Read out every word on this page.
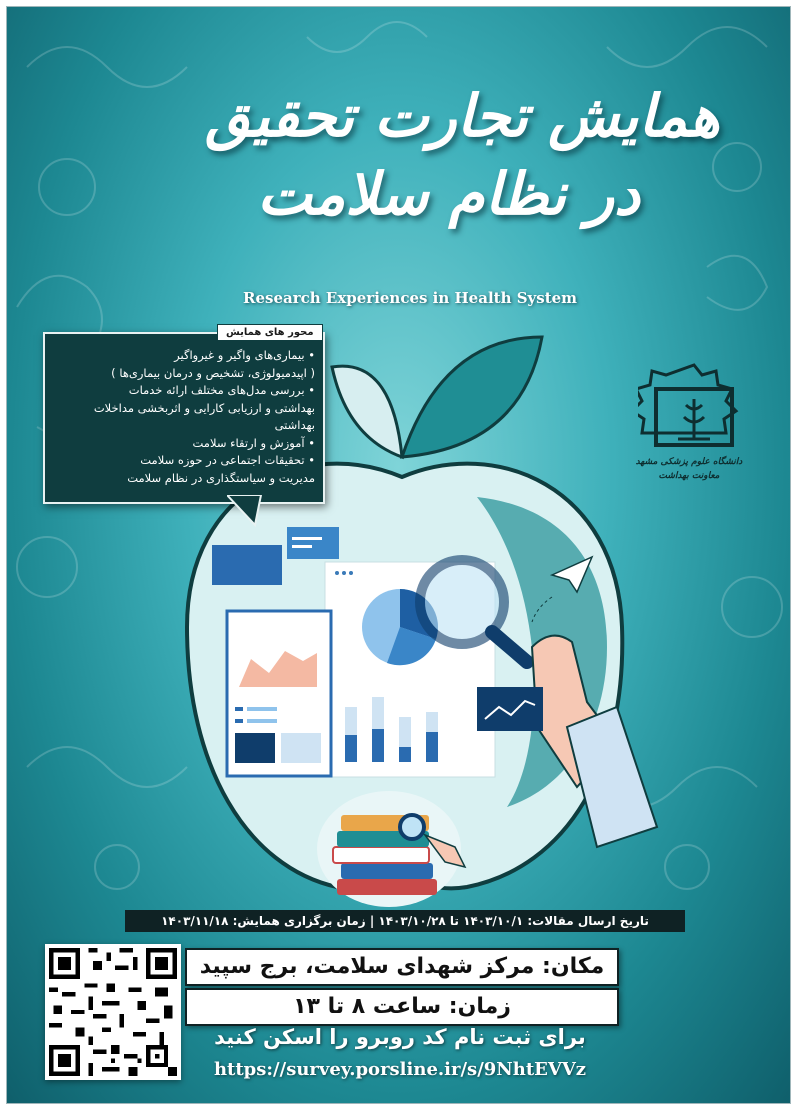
همایش تجارت تحقیق
در نظام سلامت
Research Experiences in Health System
محور های همایش
• بیماری‌های واگیر و غیرواگیر
( اپیدمیولوژی، تشخیص و درمان بیماری‌ها )
• بررسی مدل‌های مختلف ارائه خدمات
بهداشتی و ارزیابی کارایی و اثربخشی مداخلات
بهداشتی
• آموزش و ارتقاء سلامت
• تحقیقات اجتماعی در حوزه سلامت
مدیریت و سیاستگذاری در نظام سلامت
دانشگاه علوم پزشکی مشهد
معاونت بهداشت
تاریخ ارسال مقالات: ۱۴۰۳/۱۰/۱ تا ۱۴۰۳/۱۰/۲۸ | زمان برگزاری همایش: ۱۴۰۳/۱۱/۱۸
مکان: مرکز شهدای سلامت، برج سپید
زمان: ساعت ۸ تا ۱۳
برای ثبت نام کد روبرو را اسکن کنید
https://survey.porsline.ir/s/9NhtEVVz
